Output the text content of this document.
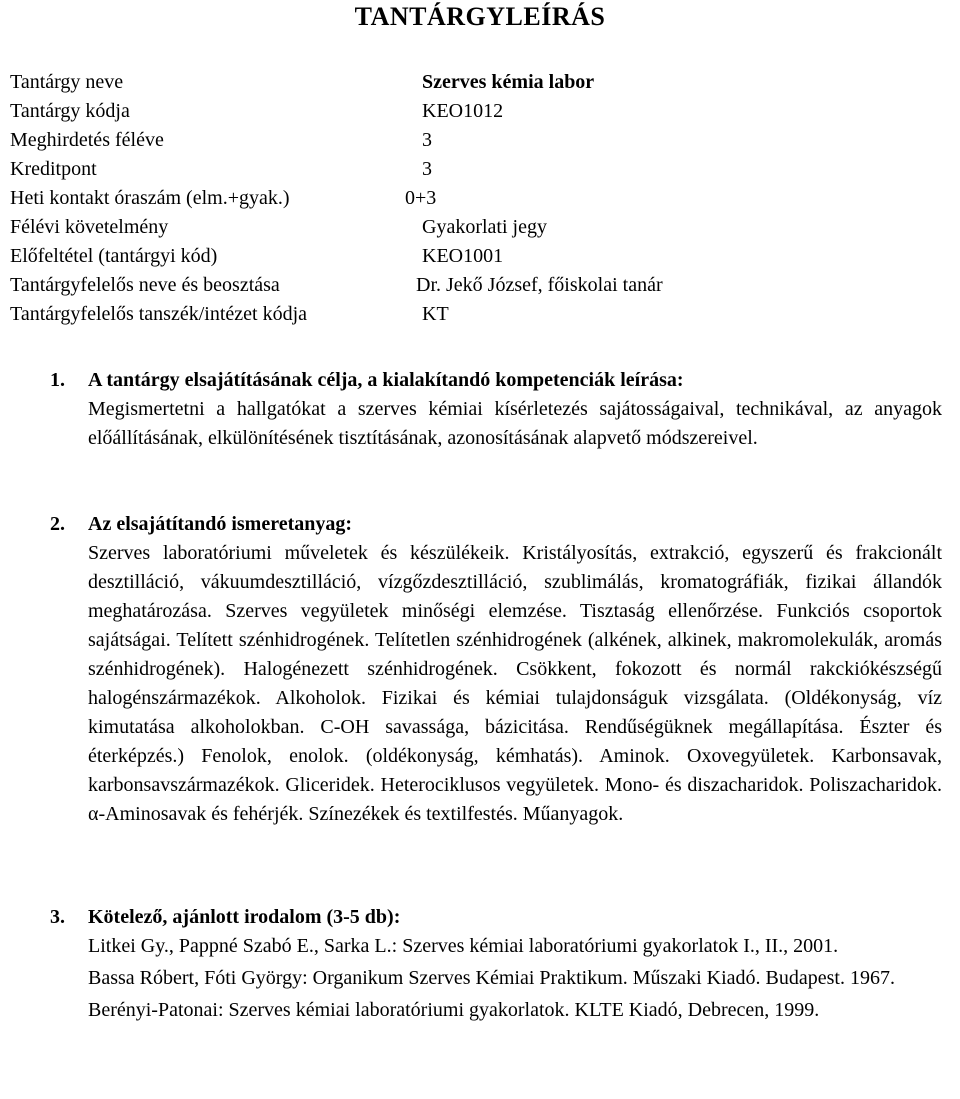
TANTÁRGYLEÍRÁS
Tantárgy neve	Szerves kémia labor
Tantárgy kódja	KEO1012
Meghirdetés féléve	3
Kreditpont	3
Heti kontakt óraszám (elm.+gyak.)	0+3
Félévi követelmény	Gyakorlati jegy
Előfeltétel (tantárgyi kód)	KEO1001
Tantárgyfelelős neve és beosztása	Dr. Jekő József, főiskolai tanár
Tantárgyfelelős tanszék/intézet kódja	KT
1. A tantárgy elsajátításának célja, a kialakítandó kompetenciák leírása:
Megismertetni a hallgatókat a szerves kémiai kísérletezés sajátosságaival, technikával, az anyagok előállításának, elkülönítésének tisztításának, azonosításának alapvető módszereivel.
2. Az elsajátítandó ismeretanyag:
Szerves laboratóriumi műveletek és készülékeik. Kristályosítás, extrakció, egyszerű és frakcionált desztilláció, vákuumdesztilláció, vízgőzdesztilláció, szublimálás, kromatográfiák, fizikai állandók meghatározása. Szerves vegyületek minőségi elemzése. Tisztaság ellenőrzése. Funkciós csoportok sajátságai. Telített szénhidrogének. Telítetlen szénhidrogének (alkének, alkinek, makromolekulák, aromás szénhidrogének). Halogénezett szénhidrogének. Csökkent, fokozott és normál rakckiókészségű halogénszármazékok. Alkoholok. Fizikai és kémiai tulajdonságuk vizsgálata. (Oldékonyság, víz kimutatása alkoholokban. C-OH savassága, bázicitása. Rendűségüknek megállapítása. Észter és éterképzés.) Fenolok, enolok. (oldékonyság, kémhatás). Aminok. Oxovegyületek. Karbonsavak, karbonsavszármazékok. Gliceridek. Heterociklusos vegyületek. Mono- és diszacharidok. Poliszacharidok. α-Aminosavak és fehérjék. Színezékek és textilfestés. Műanyagok.
3. Kötelező, ajánlott irodalom (3-5 db):
Litkei Gy., Pappné Szabó E., Sarka L.: Szerves kémiai laboratóriumi gyakorlatok I., II., 2001.
Bassa Róbert, Fóti György: Organikum Szerves Kémiai Praktikum. Műszaki Kiadó. Budapest. 1967.
Berényi-Patonai: Szerves kémiai laboratóriumi gyakorlatok. KLTE Kiadó, Debrecen, 1999.
